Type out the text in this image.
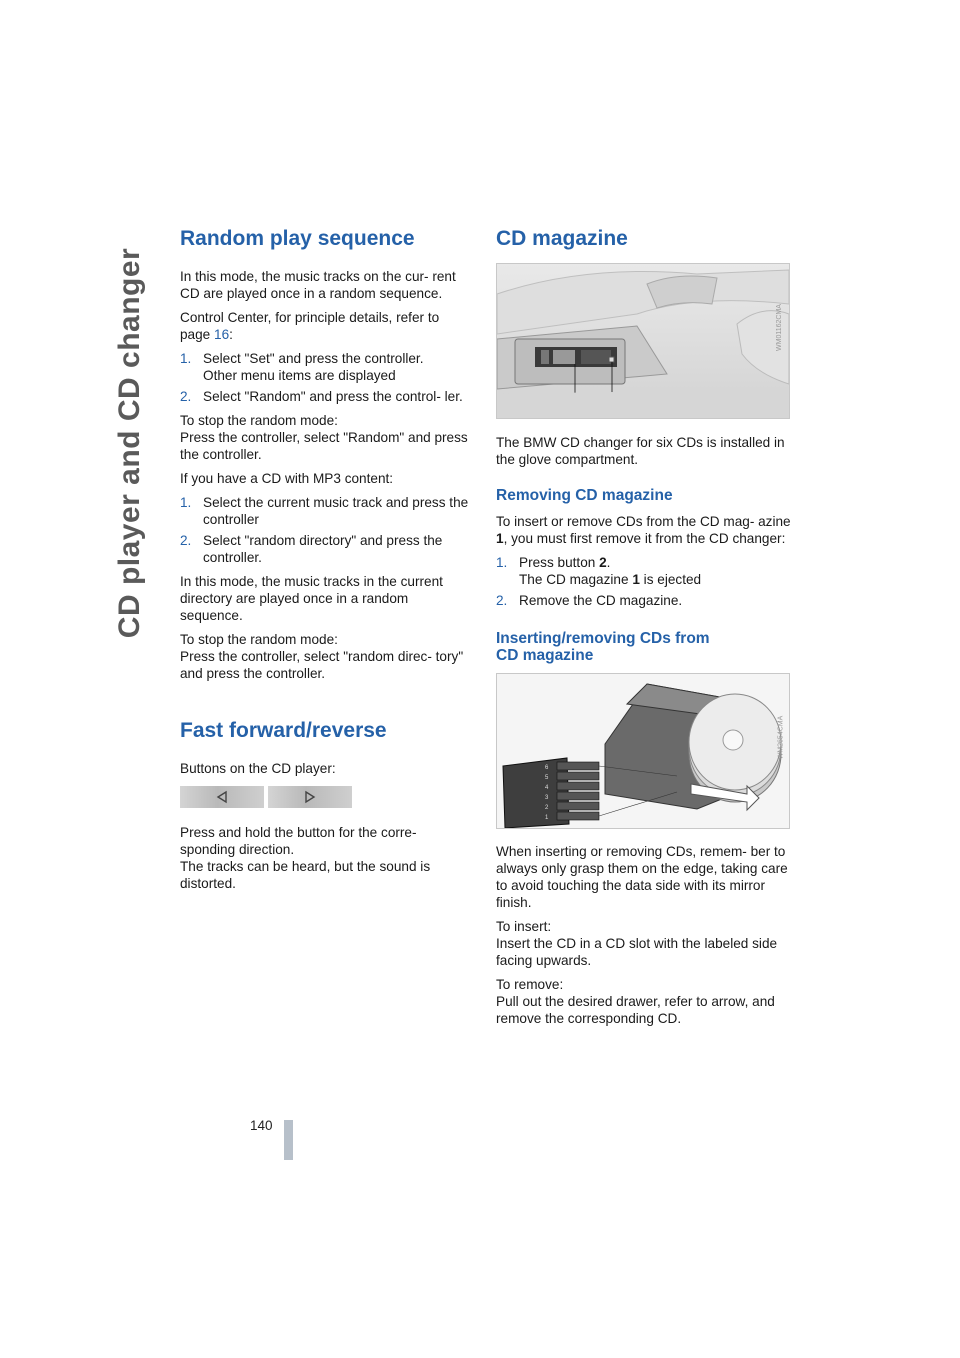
CD player and CD changer
Random play sequence

In this mode, the music tracks on the cur- rent CD are played once in a random sequence.

Control Center, for principle details, refer to page 16:

1. Select "Set" and press the controller.
Other menu items are displayed
2. Select "Random" and press the control- ler.

To stop the random mode:
Press the controller, select "Random" and press the controller.

If you have a CD with MP3 content:

1. Select the current music track and press the controller
2. Select "random directory" and press the controller.

In this mode, the music tracks in the current directory are played once in a random sequence.

To stop the random mode:
Press the controller, select "random direc- tory" and press the controller.

Fast forward/reverse

Buttons on the CD player:

Press and hold the button for the corre- sponding direction.
The tracks can be heard, but the sound is distorted.

CD magazine
WM01162CMA

The BMW CD changer for six CDs is installed in the glove compartment.

Removing CD magazine

To insert or remove CDs from the CD mag- azine 1, you must first remove it from the CD changer:

1. Press button 2.
The CD magazine 1 is ejected
2. Remove the CD magazine.
Inserting/removing CDs from
CD magazine
6
5
4
3
2
1
WM2654CMA

When inserting or removing CDs, remem- ber to always only grasp them on the edge, taking care to avoid touching the data side with its mirror finish.

To insert:
Insert the CD in a CD slot with the labeled side facing upwards.

To remove:
Pull out the desired drawer, refer to arrow, and remove the corresponding CD.

140
